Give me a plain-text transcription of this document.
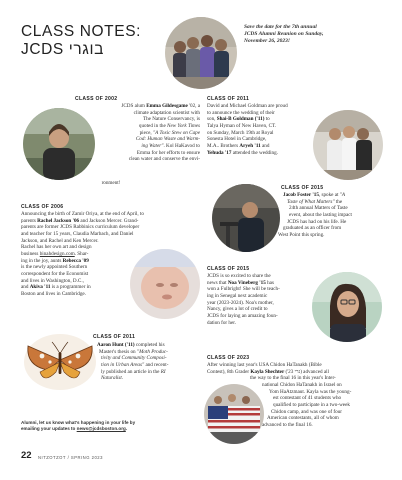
CLASS NOTES:
JCDS בוגרי
Save the date for the 7th annual
JCDS Alumni Reunion on Sunday,
November 26, 2023!
CLASS OF 2002

JCDS alum Emma Gildesgame '02, a

climate adaptation scientist with

The Nature Conservancy, is

quoted in the New York Times

piece, "A Toxic Stew on Cape

Cod: Human Waste and Warm-

ing Water". Kol HaKavod to

Emma for her efforts to ensure

clean water and conserve the envi-

ronment!

CLASS OF 2011

David and Michael Goldman are proud

to announce the wedding of their

son, Shai-B Goldman ('11) to

Talya Hyman of New Haven, CT.

on Sunday, March 19th at Royal

Sonesta Hotel in Cambridge,

M.A.. Brothers Aryeh '11 and

Yehuda '17 attended the wedding.

CLASS OF 2015

Jacob Foster '15, spoke at "A

Taste of What Matters" the

24th annual Matters of Taste

event, about the lasting impact

JCDS has had on his life. He

graduated as an officer from

West Point this spring.

CLASS OF 2006

Announcing the birth of Zamir Oriya, at the end of April, to

parents Rachel Jackson '06 and Jackson Mercer. Grand-

parents are former JCDS Rabbinics curriculum developer

and teacher for 15 years, Claudia Marbach, and Daniel

Jackson, and Rachel and Ken Mercer.

Rachel has her own art and design

business binahdesign.com. Shar-

ing in the joy, aunts Rebecca '09

is the newly appointed Southern

correspondent for the Economist

and lives in Washington, D.C.,

and Akiva '11 is a programmer in

Boston and lives in Cambridge.

CLASS OF 2015

JCDS is so excited to share the

news that Noa Vineberg '15 has

won a Fulbright! She will be teach-

ing in Senegal next academic

year (2023-2024). Noa's mother,

Nancy, gives a lot of credit to

JCDS for laying an amazing foun-

dation for her.

CLASS OF 2011

Aaron Hunt ('11) completed his

Master's thesis on "Moth Produc-

tivity and Community Composi-

tion in Urban Areas" and recent-

ly published an article in the RI

Naturalist.

CLASS OF 2023

After winning last year's USA Chidon HaTanakh (Bible

Contest), 8th Grader Kayla Shechter ('23 גרי) advanced all

the way to the final 16 in this year's Inter-

national Chidon HaTanakh in Israel on

Yom HaAtzmaut. Kayla was the young-

est contestant of 41 students who

qualified to participate in a two-week

Chidon camp, and was one of four

American contestants, all of whom

advanced to the final 16.

Alumni, let us know what's happening in your life by
emailing your updates to news@jcdsboston.org.
22 NITZOTZOT / SPRING 2023
